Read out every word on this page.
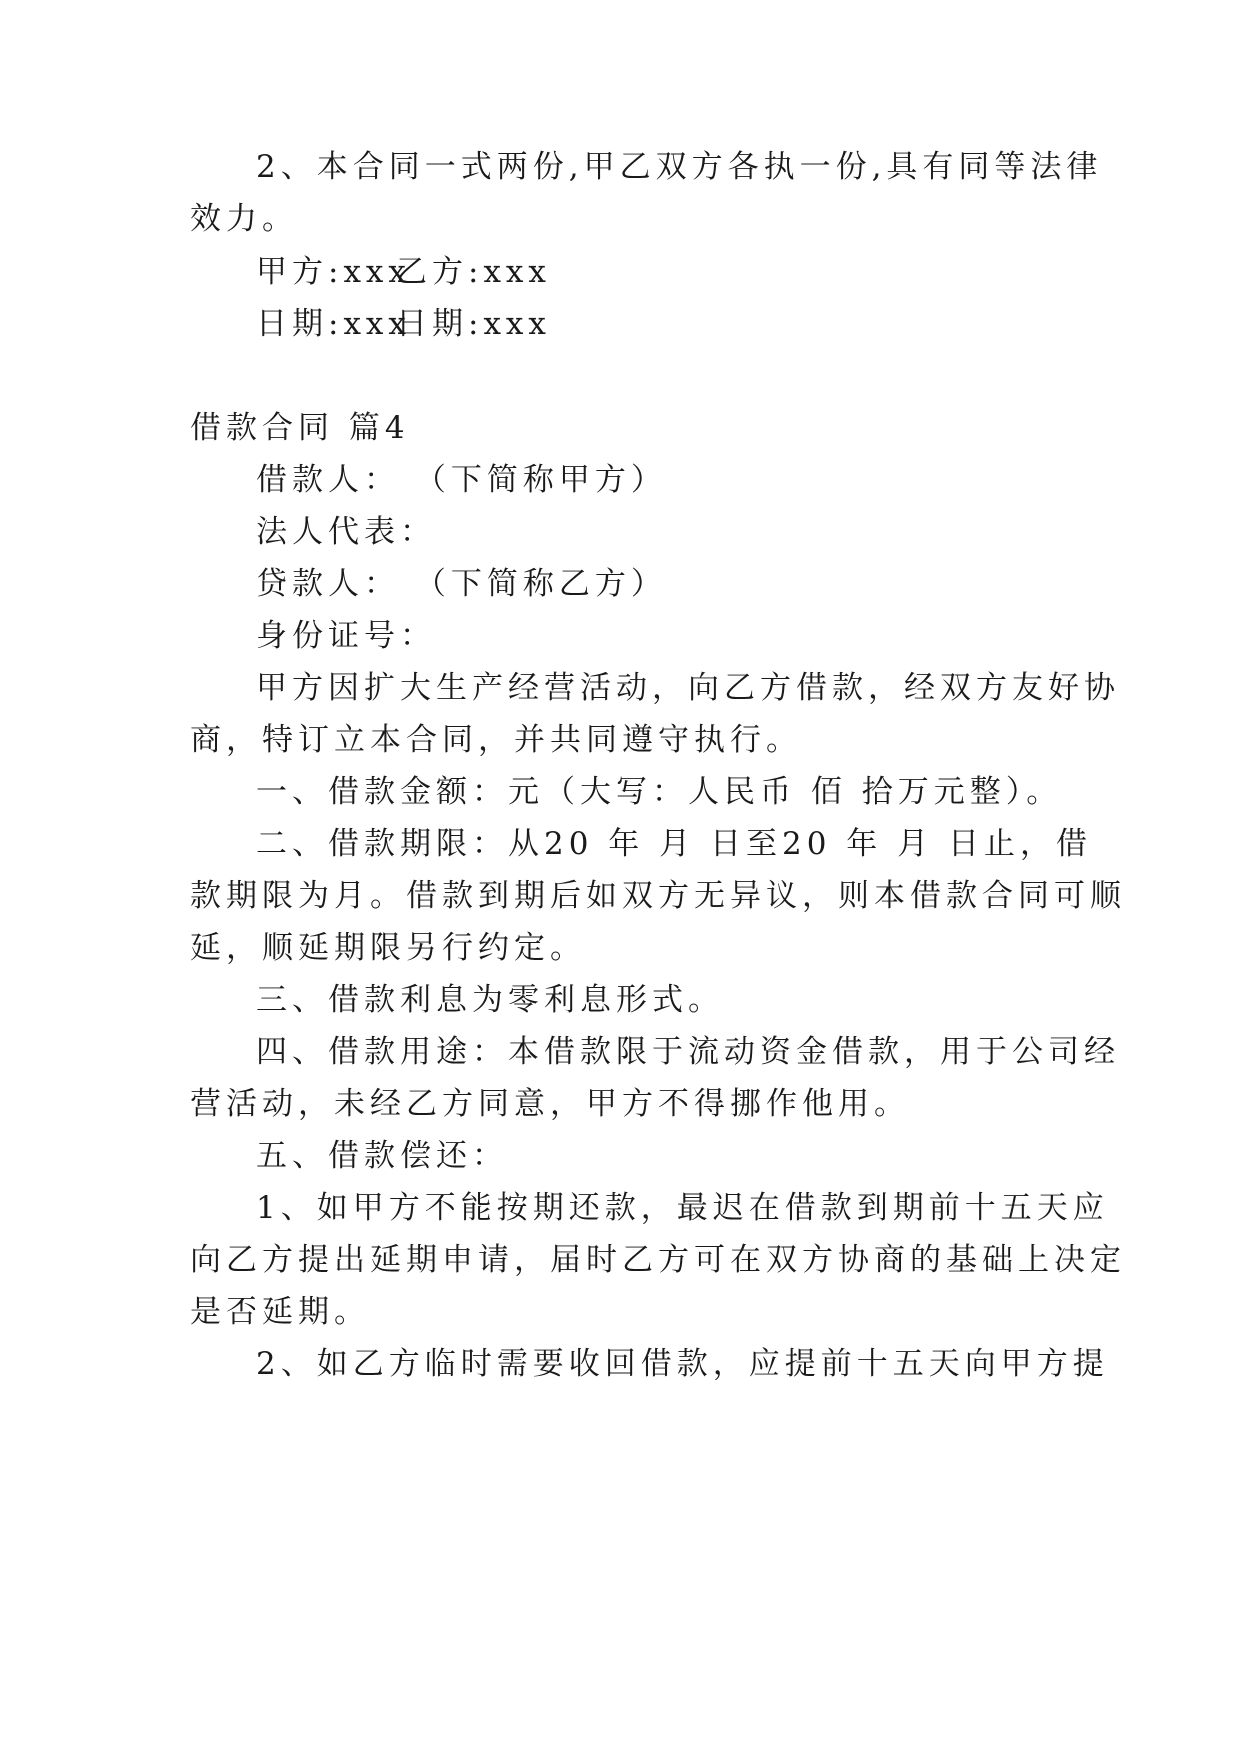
2、本合同一式两份,甲乙双方各执一份,具有同等法律
效力。
甲方:xxx
乙方:xxx
日期:xxx
日期:xxx
借款合同 篇4
借款人： （下简称甲方）
法人代表：
贷款人： （下简称乙方）
身份证号：
甲方因扩大生产经营活动，向乙方借款，经双方友好协
商，特订立本合同，并共同遵守执行。
一、借款金额：元（大写：人民币 佰 拾万元整）。
二、借款期限：从20 年 月 日至20 年 月 日止，借
款期限为月。借款到期后如双方无异议，则本借款合同可顺
延，顺延期限另行约定。
三、借款利息为零利息形式。
四、借款用途：本借款限于流动资金借款，用于公司经
营活动，未经乙方同意，甲方不得挪作他用。
五、借款偿还：
1、如甲方不能按期还款，最迟在借款到期前十五天应
向乙方提出延期申请，届时乙方可在双方协商的基础上决定
是否延期。
2、如乙方临时需要收回借款，应提前十五天向甲方提
